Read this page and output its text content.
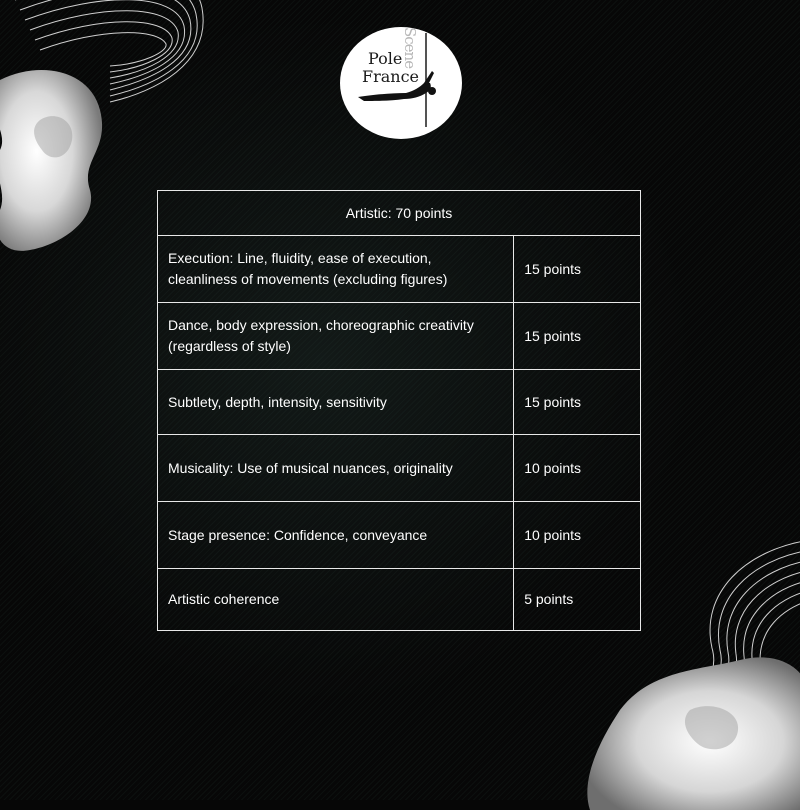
Pole
France
Scene
Artistic: 70 points	
Execution: Line, fluidity, ease of execution, cleanliness of movements (excluding figures)	15 points
Dance, body expression, choreographic creativity (regardless of style)	15 points
Subtlety, depth, intensity, sensitivity	15 points
Musicality: Use of musical nuances, originality	10 points
Stage presence: Confidence, conveyance	10 points
Artistic coherence	5 points
